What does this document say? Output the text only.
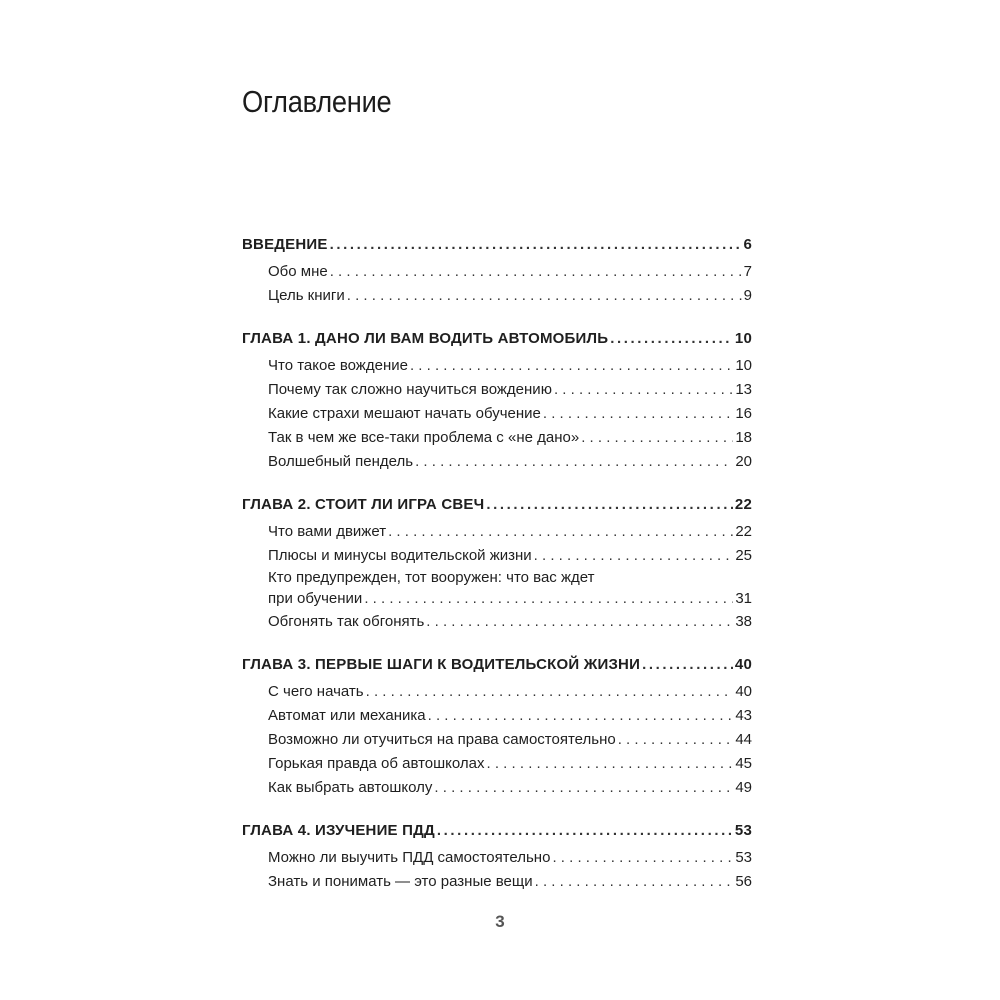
Оглавление
ВВЕДЕНИЕ .....	6
Обо мне . . .	7
Цель книги . . .	9
ГЛАВА 1. ДАНО ЛИ ВАМ ВОДИТЬ АВТОМОБИЛЬ .....	10
Что такое вождение . . .	10
Почему так сложно научиться вождению . . .	13
Какие страхи мешают начать обучение . . .	16
Так в чем же все-таки проблема с «не дано» . . .	18
Волшебный пендель . . .	20
ГЛАВА 2. СТОИТ ЛИ ИГРА СВЕЧ .....	22
Что вами движет . . .	22
Плюсы и минусы водительской жизни . . .	25
Кто предупрежден, тот вооружен: что вас ждет
при обучении . . .	31
Обгонять так обгонять . . .	38
ГЛАВА 3. ПЕРВЫЕ ШАГИ К ВОДИТЕЛЬСКОЙ ЖИЗНИ .....	40
С чего начать . . .	40
Автомат или механика . . .	43
Возможно ли отучиться на права самостоятельно . . .	44
Горькая правда об автошколах . . .	45
Как выбрать автошколу . . .	49
ГЛАВА 4. ИЗУЧЕНИЕ ПДД .....	53
Можно ли выучить ПДД самостоятельно . . .	53
Знать и понимать — это разные вещи . . .	56
3
